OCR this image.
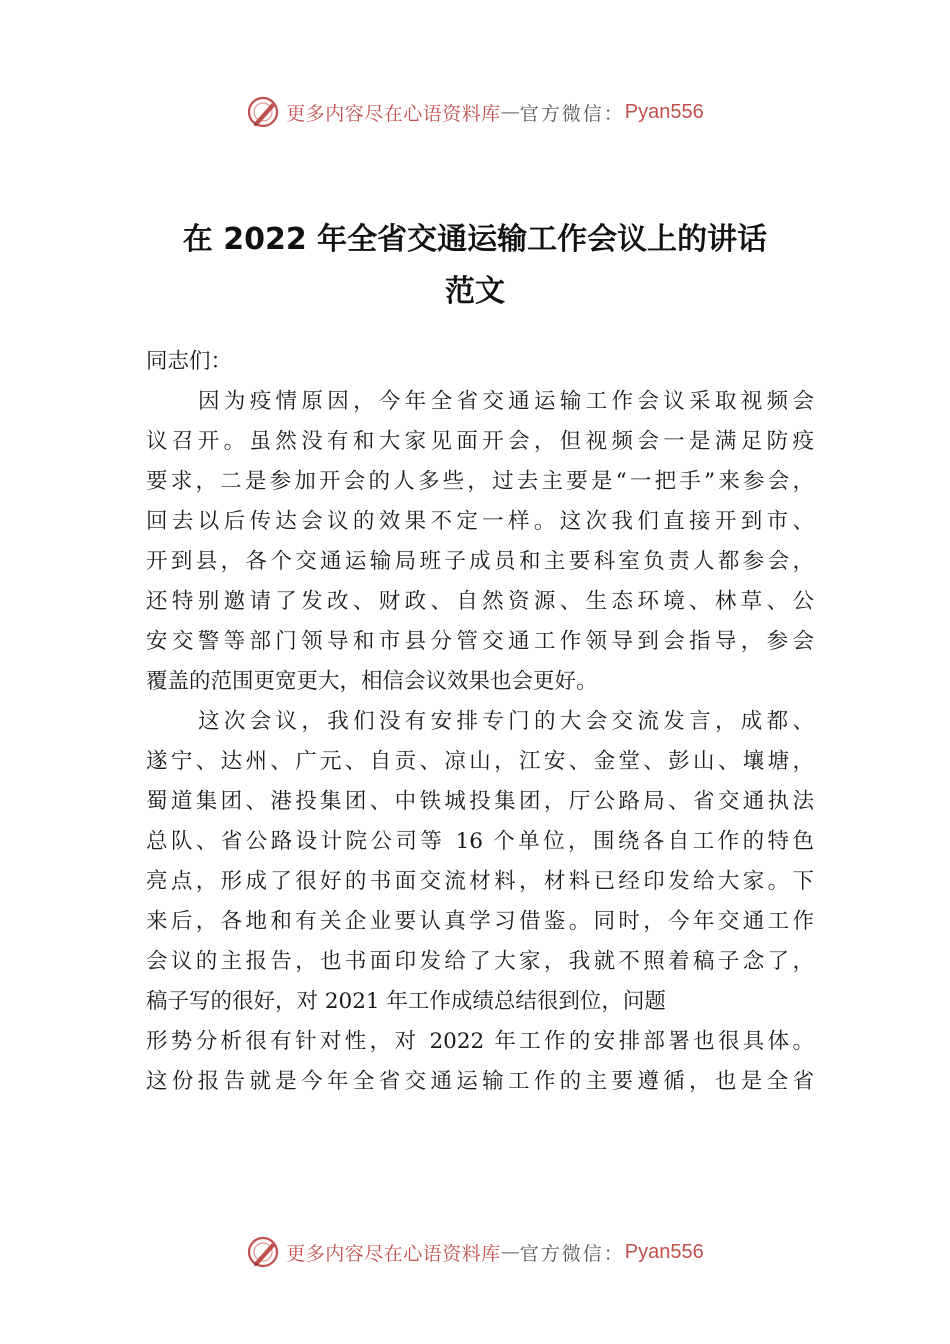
更多内容尽在心语资料库 — 官方微信： Pyan556
在 2022 年全省交通运输工作会议上的讲话
范文
同志们：
因为疫情原因，今年全省交通运输工作会议采取视频会
议召开。虽然没有和大家见面开会，但视频会一是满足防疫
要求，二是参加开会的人多些，过去主要是“一把手”来参会，
回去以后传达会议的效果不定一样。这次我们直接开到市、
开到县，各个交通运输局班子成员和主要科室负责人都参会，
还特别邀请了发改、财政、自然资源、生态环境、林草、公
安交警等部门领导和市县分管交通工作领导到会指导，参会
覆盖的范围更宽更大，相信会议效果也会更好。
这次会议，我们没有安排专门的大会交流发言，成都、
遂宁、达州、广元、自贡、凉山，江安、金堂、彭山、壤塘，
蜀道集团、港投集团、中铁城投集团，厅公路局、省交通执法
总队、省公路设计院公司等 16 个单位，围绕各自工作的特色
亮点，形成了很好的书面交流材料，材料已经印发给大家。下
来后，各地和有关企业要认真学习借鉴。同时，今年交通工作
会议的主报告，也书面印发给了大家，我就不照着稿子念了，
稿子写的很好，对 2021 年工作成绩总结很到位，问题
形势分析很有针对性，对 2022 年工作的安排部署也很具体。
这份报告就是今年全省交通运输工作的主要遵循，也是全省
更多内容尽在心语资料库 — 官方微信： Pyan556
